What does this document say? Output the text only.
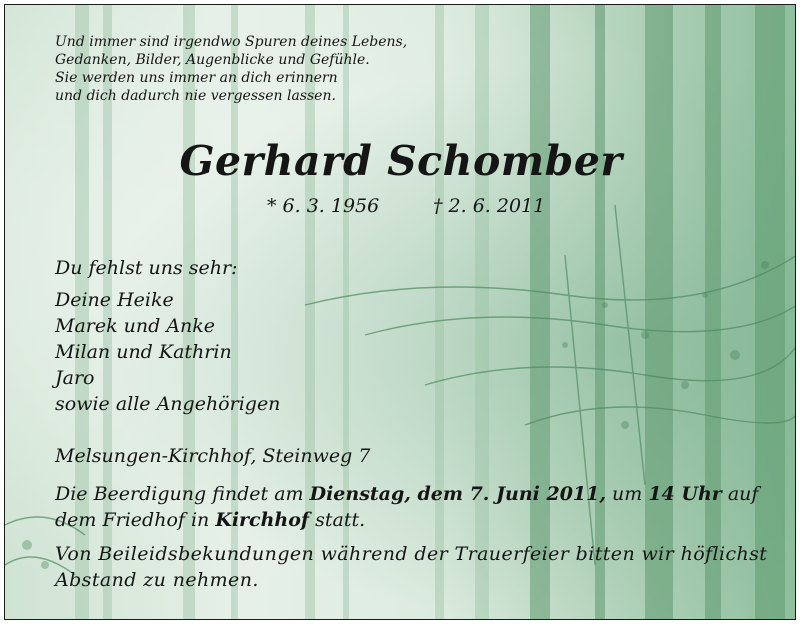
Und immer sind irgendwo Spuren deines Lebens,
Gedanken, Bilder, Augenblicke und Gefühle.
Sie werden uns immer an dich erinnern
und dich dadurch nie vergessen lassen.
Gerhard Schomber
* 6. 3. 1956	† 2. 6. 2011
Du fehlst uns sehr:
Deine Heike
Marek und Anke
Milan und Kathrin
Jaro
sowie alle Angehörigen
Melsungen-Kirchhof, Steinweg 7
Die Beerdigung findet am Dienstag, dem 7. Juni 2011, um 14 Uhr auf
dem Friedhof in Kirchhof statt.
Von Beileidsbekundungen während der Trauerfeier bitten wir höflichst
Abstand zu nehmen.
